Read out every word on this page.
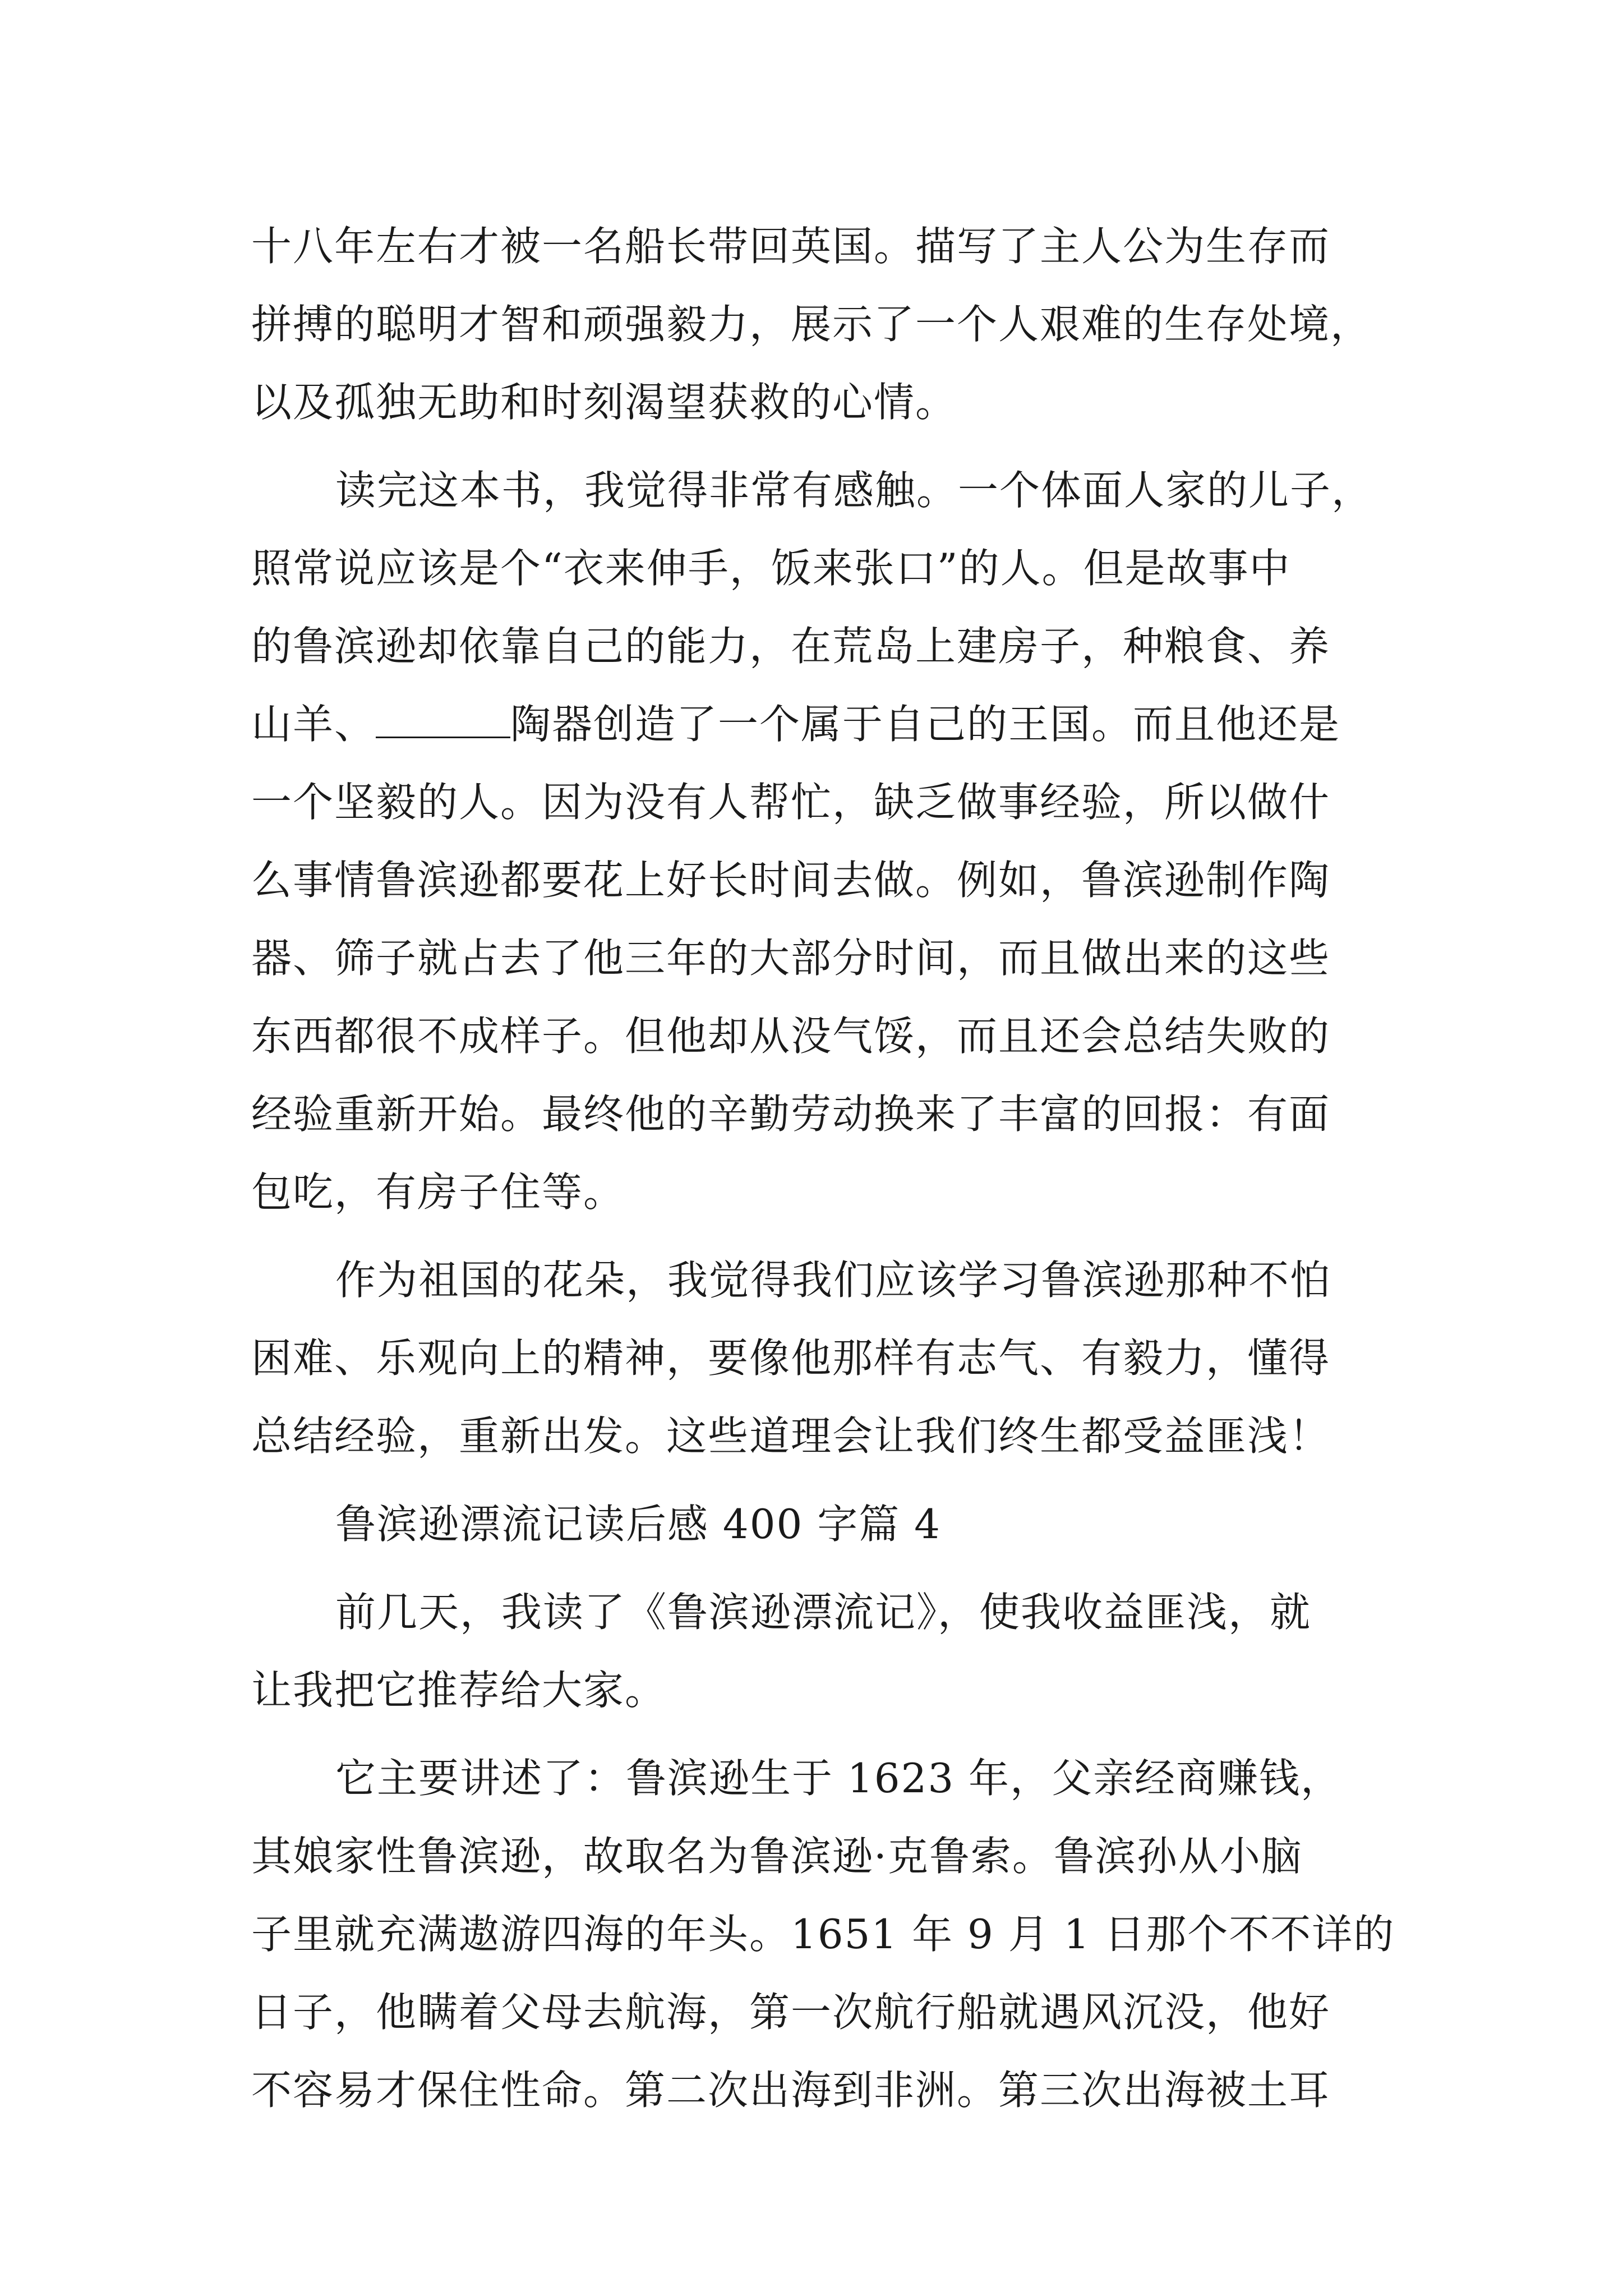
十八年左右才被一名船长带回英国。描写了主人公为生存而
拼搏的聪明才智和顽强毅力，展示了一个人艰难的生存处境，
以及孤独无助和时刻渴望获救的心情。
读完这本书，我觉得非常有感触。一个体面人家的儿子，
照常说应该是个“衣来伸手，饭来张口”的人。但是故事中
的鲁滨逊却依靠自己的能力，在荒岛上建房子，种粮食、养
山羊、	陶器创造了一个属于自己的王国。而且他还是
一个坚毅的人。因为没有人帮忙，缺乏做事经验，所以做什
么事情鲁滨逊都要花上好长时间去做。例如，鲁滨逊制作陶
器、筛子就占去了他三年的大部分时间，而且做出来的这些
东西都很不成样子。但他却从没气馁，而且还会总结失败的
经验重新开始。最终他的辛勤劳动换来了丰富的回报：有面
包吃，有房子住等。
作为祖国的花朵，我觉得我们应该学习鲁滨逊那种不怕
困难、乐观向上的精神，要像他那样有志气、有毅力，懂得
总结经验，重新出发。这些道理会让我们终生都受益匪浅！
鲁滨逊漂流记读后感 400 字篇 4
前几天，我读了《鲁滨逊漂流记》，使我收益匪浅，就
让我把它推荐给大家。
它主要讲述了：鲁滨逊生于 1623 年，父亲经商赚钱，
其娘家性鲁滨逊，故取名为鲁滨逊·克鲁索。鲁滨孙从小脑
子里就充满遨游四海的年头。1651 年 9 月 1 日那个不不详的
日子，他瞒着父母去航海，第一次航行船就遇风沉没，他好
不容易才保住性命。第二次出海到非洲。第三次出海被土耳
